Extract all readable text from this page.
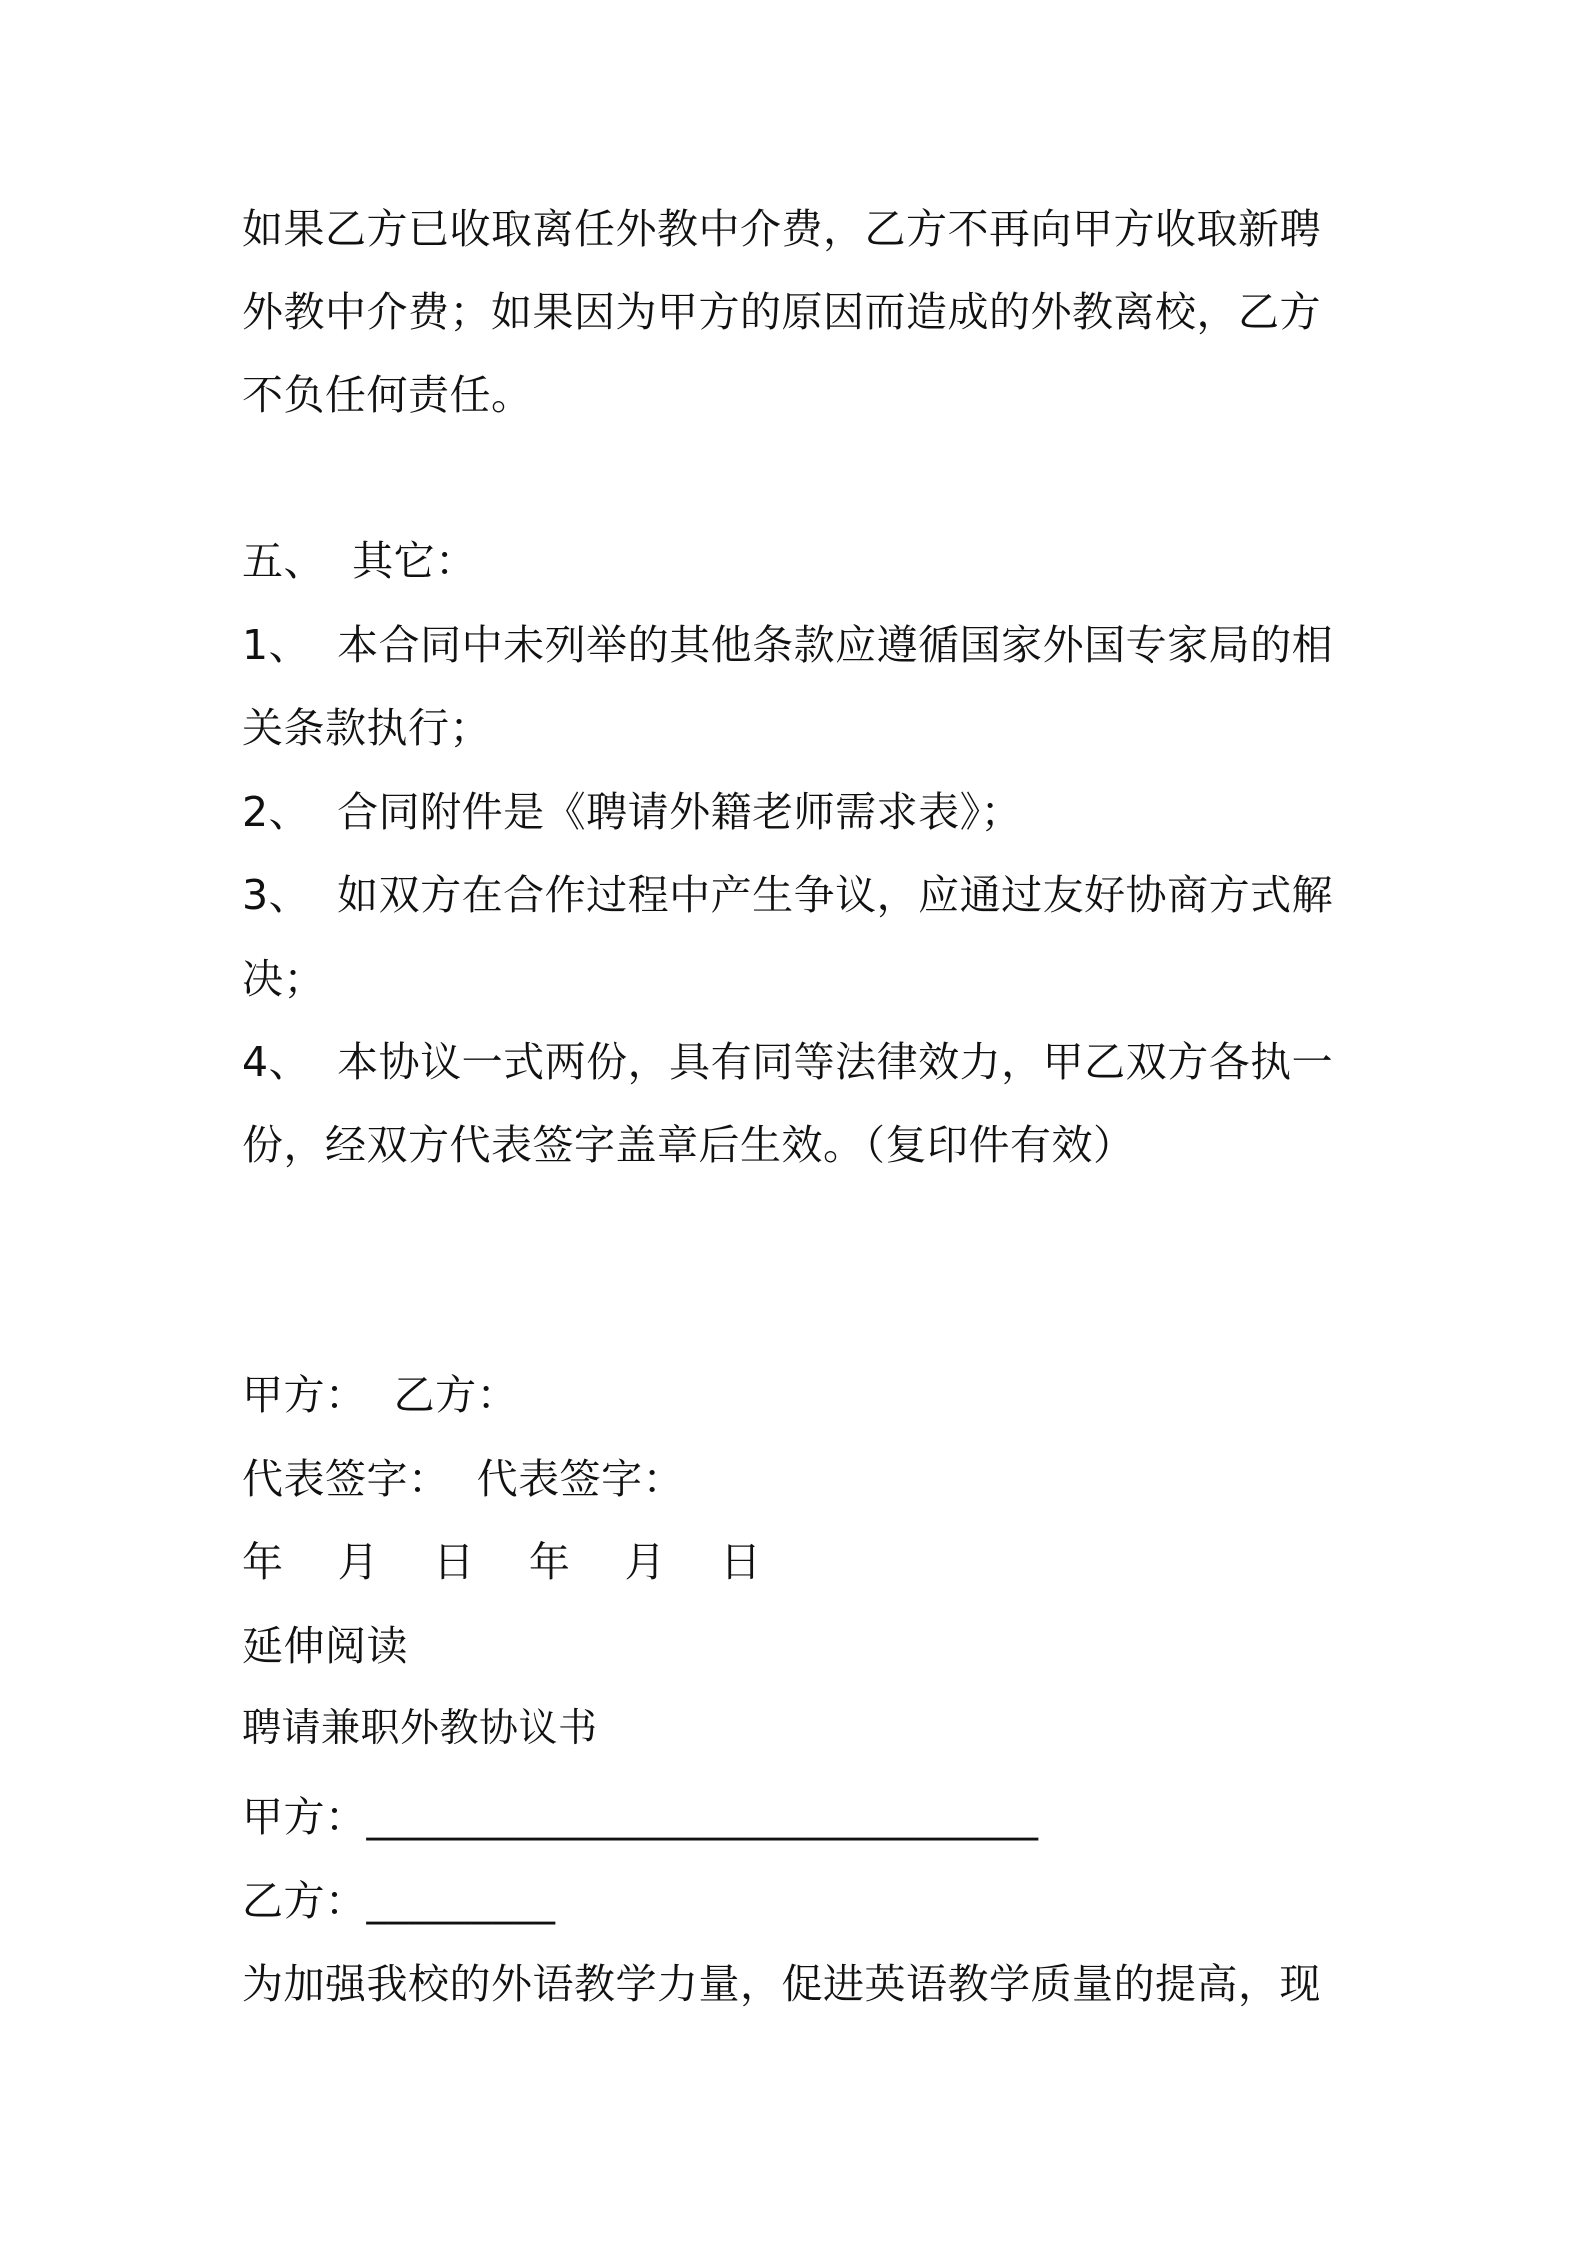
如果乙方已收取离任外教中介费，乙方不再向甲方收取新聘
外教中介费；如果因为甲方的原因而造成的外教离校，乙方
不负任何责任。
五、  其它：
1、  本合同中未列举的其他条款应遵循国家外国专家局的相
关条款执行；
2、  合同附件是《聘请外籍老师需求表》；
3、  如双方在合作过程中产生争议，应通过友好协商方式解
决；
4、  本协议一式两份，具有同等法律效力，甲乙双方各执一
份，经双方代表签字盖章后生效。（复印件有效）
甲方：  乙方：
代表签字：  代表签字：
年    月    日    年    月    日
延伸阅读
聘请兼职外教协议书
甲方：________________________________
乙方：_________
为加强我校的外语教学力量，促进英语教学质量的提高，现
